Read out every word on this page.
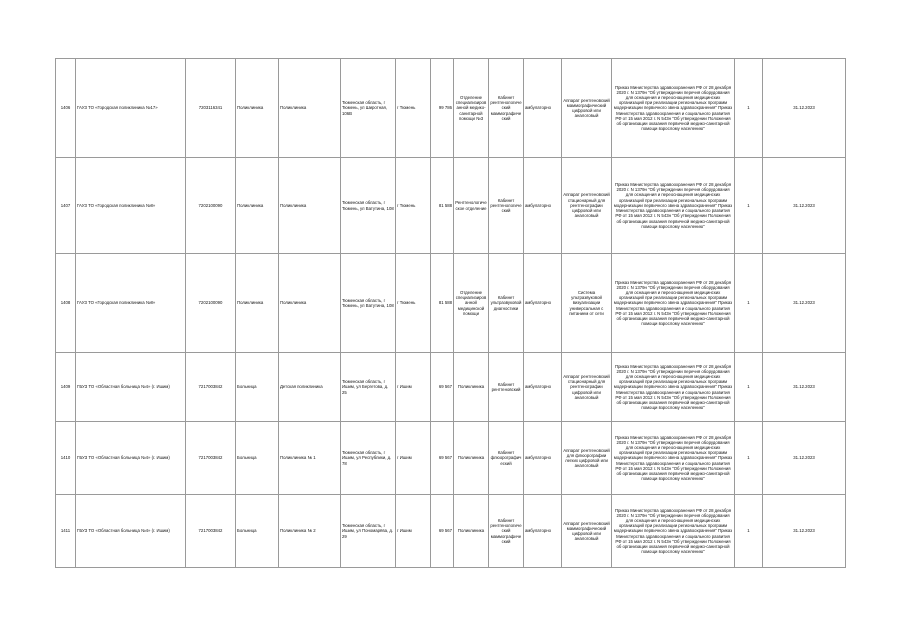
1406	ГАУЗ ТО «Городская поликлиника №17»	7203116341	Поликлиника	Поликлиника	Тюменская область, г Тюмень, ул Широтная, 106В	г Тюмень	99 786	Отделение специализированной медико-санитарной помощи №3	Кабинет рентгенологический маммографический	амбулаторно	Аппарат рентгеновский маммографический цифровой или аналоговый	Приказ Министерства здравоохранения РФ от 28 декабря 2020 г. N 1379н "Об утверждении перечня оборудования для оснащения и переоснащения медицинских организаций при реализации региональных программ модернизации первичного звена здравоохранения" Приказ Министерства здравоохранения и социального развития РФ от 15 мая 2012 г. N 543н "Об утверждении Положения об организации оказания первичной медико-санитарной помощи взрослому населению"	1	31.12.2023
1407	ГАУЗ ТО «Городская поликлиника №8»	7202100090	Поликлиника	Поликлиника	Тюменская область, г Тюмень, ул Ватутина, 108	г Тюмень	81 588	Рентгенологическое отделение	Кабинет рентгенологический	амбулаторно	Аппарат рентгеновский стационарный для рентгенографии цифровой или аналоговый	Приказ Министерства здравоохранения РФ от 28 декабря 2020 г. N 1379н "Об утверждении перечня оборудования для оснащения и переоснащения медицинских организаций при реализации региональных программ модернизации первичного звена здравоохранения" Приказ Министерства здравоохранения и социального развития РФ от 15 мая 2012 г. N 543н "Об утверждении Положения об организации оказания первичной медико-санитарной помощи взрослому населению"	1	31.12.2023
1408	ГАУЗ ТО «Городская поликлиника №8»	7202100090	Поликлиника	Поликлиника	Тюменская область, г Тюмень, ул Ватутина, 108	г Тюмень	81 588	Отделение специализированной медицинской помощи	Кабинет ультразвуковой диагностики	амбулаторно	Система ультразвуковой визуализации универсальная с питанием от сети	Приказ Министерства здравоохранения РФ от 28 декабря 2020 г. N 1379н "Об утверждении перечня оборудования для оснащения и переоснащения медицинских организаций при реализации региональных программ модернизации первичного звена здравоохранения" Приказ Министерства здравоохранения и социального развития РФ от 15 мая 2012 г. N 543н "Об утверждении Положения об организации оказания первичной медико-санитарной помощи взрослому населению"	1	31.12.2023
1409	ГБУЗ ТО «Областная больница №4» (г. Ишим)	7217003842	Больница	Детская поликлиника	Тюменская область, г Ишим, ул Бергетова, д. 25	г Ишим	69 567	Поликлиника	Кабинет рентгеновский	амбулаторно	Аппарат рентгеновский стационарный для рентгенографии цифровой или аналоговый	Приказ Министерства здравоохранения РФ от 28 декабря 2020 г. N 1379н "Об утверждении перечня оборудования для оснащения и переоснащения медицинских организаций при реализации региональных программ модернизации первичного звена здравоохранения" Приказ Министерства здравоохранения и социального развития РФ от 15 мая 2012 г. N 543н "Об утверждении Положения об организации оказания первичной медико-санитарной помощи взрослому населению"	1	31.12.2023
1410	ГБУЗ ТО «Областная больница №4» (г. Ишим)	7217003842	Больница	Поликлиника № 1	Тюменская область, г Ишим, ул Республики, д. 78	г Ишим	69 567	Поликлиника	Кабинет флюорографический	амбулаторно	Аппарат рентгеновский для флюорографии легких цифровой или аналоговый	Приказ Министерства здравоохранения РФ от 28 декабря 2020 г. N 1379н "Об утверждении перечня оборудования для оснащения и переоснащения медицинских организаций при реализации региональных программ модернизации первичного звена здравоохранения" Приказ Министерства здравоохранения и социального развития РФ от 15 мая 2012 г. N 543н "Об утверждении Положения об организации оказания первичной медико-санитарной помощи взрослому населению"	1	31.12.2023
1411	ГБУЗ ТО «Областная больница №4» (г. Ишим)	7217003842	Больница	Поликлиника № 2	Тюменская область, г Ишим, ул Пономарёва, д. 29	г Ишим	69 567	Поликлиника	Кабинет рентгенологический маммографический	амбулаторно	Аппарат рентгеновский маммографический цифровой или аналоговый	Приказ Министерства здравоохранения РФ от 28 декабря 2020 г. N 1379н "Об утверждении перечня оборудования для оснащения и переоснащения медицинских организаций при реализации региональных программ модернизации первичного звена здравоохранения" Приказ Министерства здравоохранения и социального развития РФ от 15 мая 2012 г. N 543н "Об утверждении Положения об организации оказания первичной медико-санитарной помощи взрослому населению"	1	31.12.2023
